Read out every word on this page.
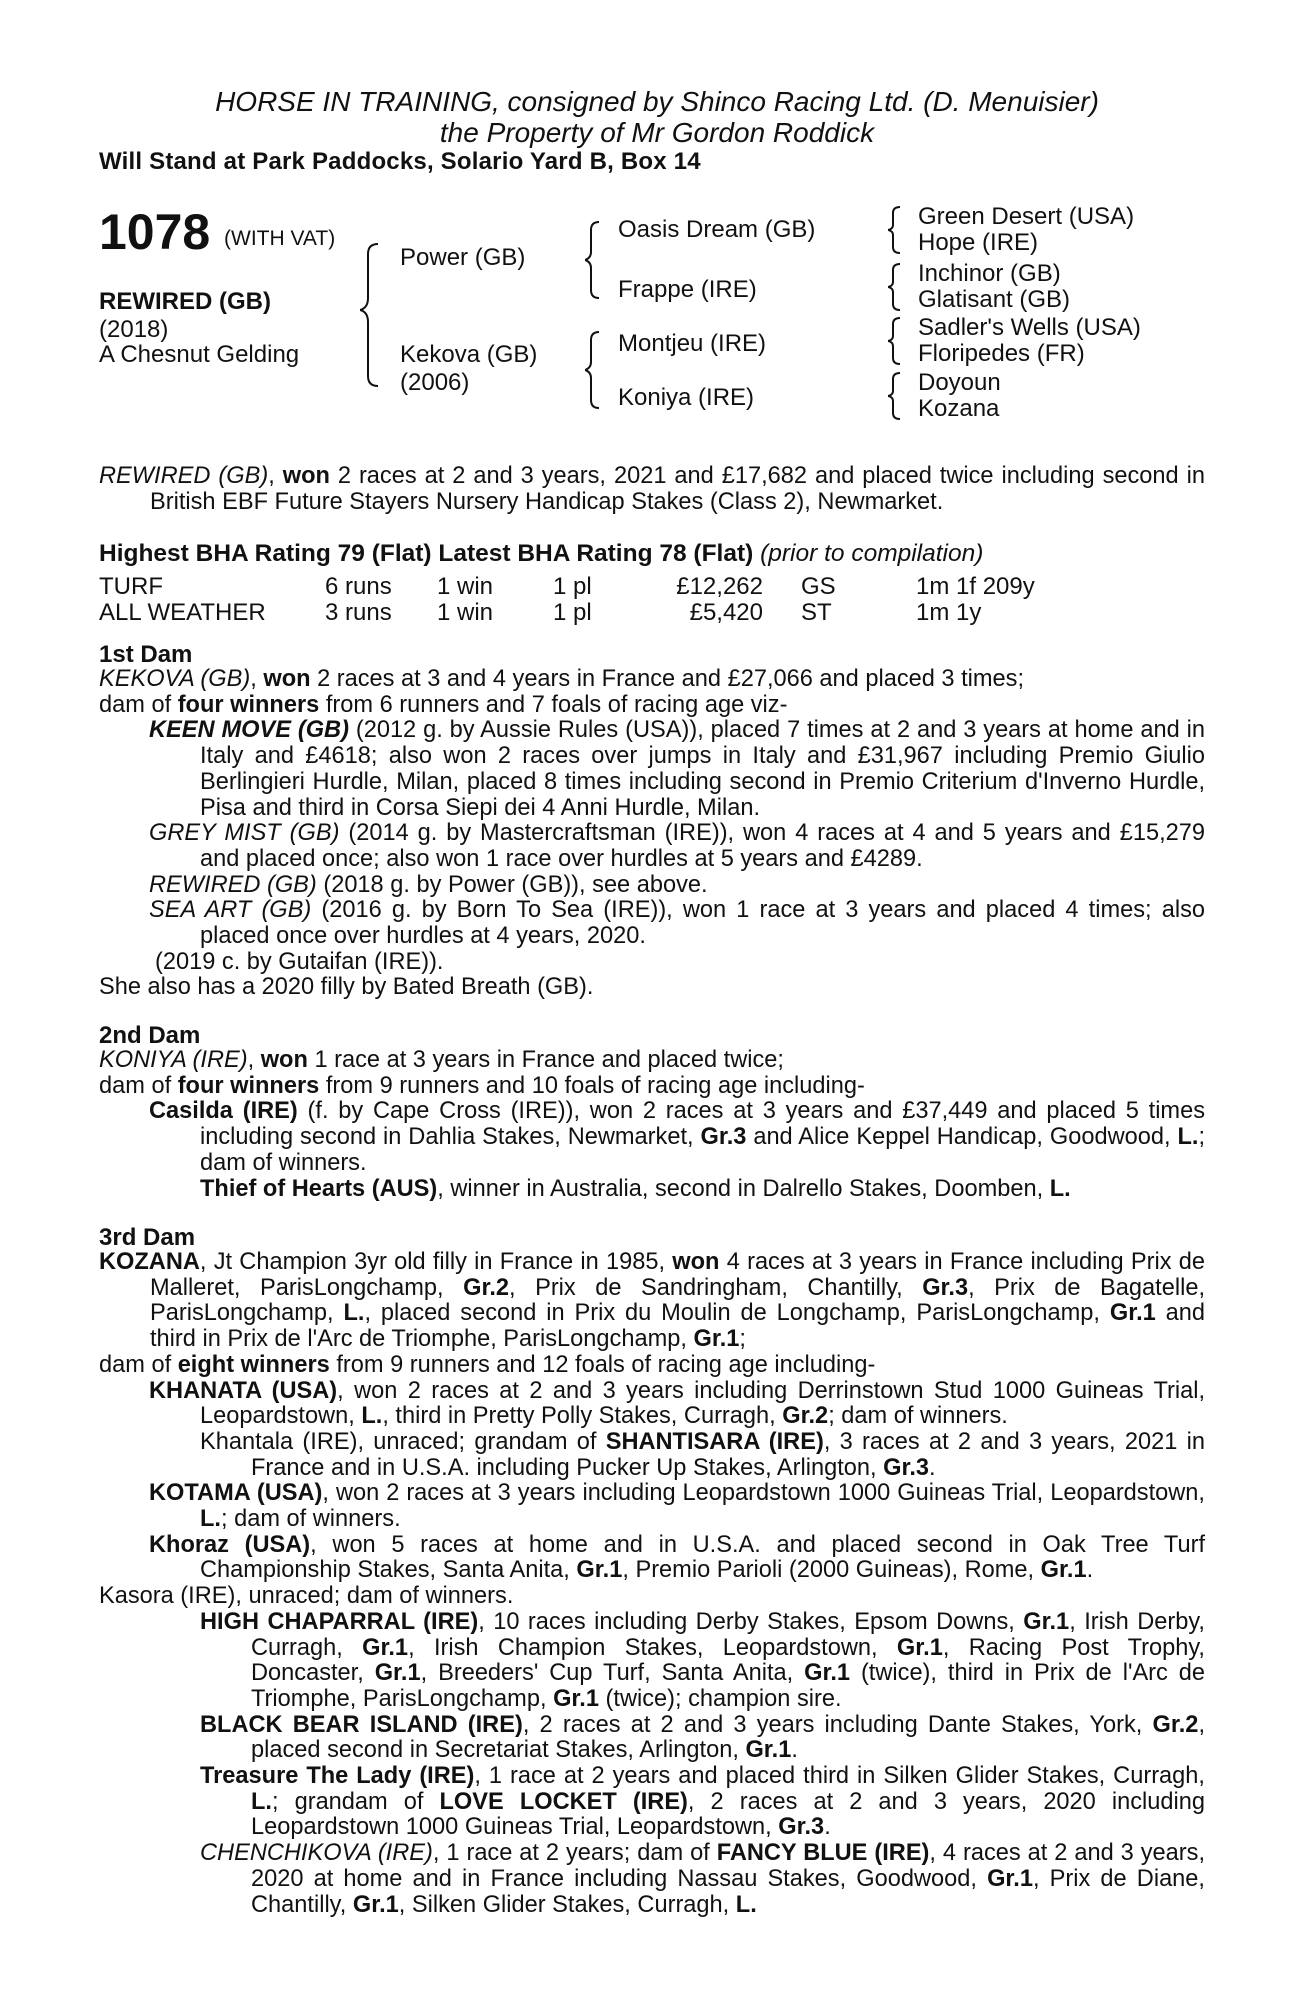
HORSE IN TRAINING, consigned by Shinco Racing Ltd. (D. Menuisier)
the Property of Mr Gordon Roddick
Will Stand at Park Paddocks, Solario Yard B, Box 14
1078 (WITH VAT)
REWIRED (GB)
(2018)
A Chesnut Gelding
Power (GB)
Kekova (GB)
(2006)
Oasis Dream (GB)
Frappe (IRE)
Montjeu (IRE)
Koniya (IRE)
Green Desert (USA)
Hope (IRE)
Inchinor (GB)
Glatisant (GB)
Sadler's Wells (USA)
Floripedes (FR)
Doyoun
Kozana

REWIRED (GB), won 2 races at 2 and 3 years, 2021 and £17,682 and placed twice including second in British EBF Future Stayers Nursery Handicap Stakes (Class 2), Newmarket.

Highest BHA Rating 79 (Flat) Latest BHA Rating 78 (Flat) (prior to compilation)
TURF	6 runs	1 win	1 pl	£12,262	GS	1m 1f 209y
ALL WEATHER	3 runs	1 win	1 pl	£5,420	ST	1m 1y
1st Dam

KEKOVA (GB), won 2 races at 3 and 4 years in France and £27,066 and placed 3 times;

dam of four winners from 6 runners and 7 foals of racing age viz-

KEEN MOVE (GB) (2012 g. by Aussie Rules (USA)), placed 7 times at 2 and 3 years at home and in Italy and £4618; also won 2 races over jumps in Italy and £31,967 including Premio Giulio Berlingieri Hurdle, Milan, placed 8 times including second in Premio Criterium d'Inverno Hurdle, Pisa and third in Corsa Siepi dei 4 Anni Hurdle, Milan.

GREY MIST (GB) (2014 g. by Mastercraftsman (IRE)), won 4 races at 4 and 5 years and £15,279 and placed once; also won 1 race over hurdles at 5 years and £4289.

REWIRED (GB) (2018 g. by Power (GB)), see above.

SEA ART (GB) (2016 g. by Born To Sea (IRE)), won 1 race at 3 years and placed 4 times; also placed once over hurdles at 4 years, 2020.

(2019 c. by Gutaifan (IRE)).

She also has a 2020 filly by Bated Breath (GB).

2nd Dam

KONIYA (IRE), won 1 race at 3 years in France and placed twice;

dam of four winners from 9 runners and 10 foals of racing age including-

Casilda (IRE) (f. by Cape Cross (IRE)), won 2 races at 3 years and £37,449 and placed 5 times including second in Dahlia Stakes, Newmarket, Gr.3 and Alice Keppel Handicap, Goodwood, L.; dam of winners.

Thief of Hearts (AUS), winner in Australia, second in Dalrello Stakes, Doomben, L.

3rd Dam

KOZANA, Jt Champion 3yr old filly in France in 1985, won 4 races at 3 years in France including Prix de Malleret, ParisLongchamp, Gr.2, Prix de Sandringham, Chantilly, Gr.3, Prix de Bagatelle, ParisLongchamp, L., placed second in Prix du Moulin de Longchamp, ParisLongchamp, Gr.1 and third in Prix de l'Arc de Triomphe, ParisLongchamp, Gr.1;

dam of eight winners from 9 runners and 12 foals of racing age including-

KHANATA (USA), won 2 races at 2 and 3 years including Derrinstown Stud 1000 Guineas Trial, Leopardstown, L., third in Pretty Polly Stakes, Curragh, Gr.2; dam of winners.

Khantala (IRE), unraced; grandam of SHANTISARA (IRE), 3 races at 2 and 3 years, 2021 in France and in U.S.A. including Pucker Up Stakes, Arlington, Gr.3.

KOTAMA (USA), won 2 races at 3 years including Leopardstown 1000 Guineas Trial, Leopardstown, L.; dam of winners.

Khoraz (USA), won 5 races at home and in U.S.A. and placed second in Oak Tree Turf Championship Stakes, Santa Anita, Gr.1, Premio Parioli (2000 Guineas), Rome, Gr.1.

Kasora (IRE), unraced; dam of winners.

HIGH CHAPARRAL (IRE), 10 races including Derby Stakes, Epsom Downs, Gr.1, Irish Derby, Curragh, Gr.1, Irish Champion Stakes, Leopardstown, Gr.1, Racing Post Trophy, Doncaster, Gr.1, Breeders' Cup Turf, Santa Anita, Gr.1 (twice), third in Prix de l'Arc de Triomphe, ParisLongchamp, Gr.1 (twice); champion sire.

BLACK BEAR ISLAND (IRE), 2 races at 2 and 3 years including Dante Stakes, York, Gr.2, placed second in Secretariat Stakes, Arlington, Gr.1.

Treasure The Lady (IRE), 1 race at 2 years and placed third in Silken Glider Stakes, Curragh, L.; grandam of LOVE LOCKET (IRE), 2 races at 2 and 3 years, 2020 including Leopardstown 1000 Guineas Trial, Leopardstown, Gr.3.

CHENCHIKOVA (IRE), 1 race at 2 years; dam of FANCY BLUE (IRE), 4 races at 2 and 3 years, 2020 at home and in France including Nassau Stakes, Goodwood, Gr.1, Prix de Diane, Chantilly, Gr.1, Silken Glider Stakes, Curragh, L.
